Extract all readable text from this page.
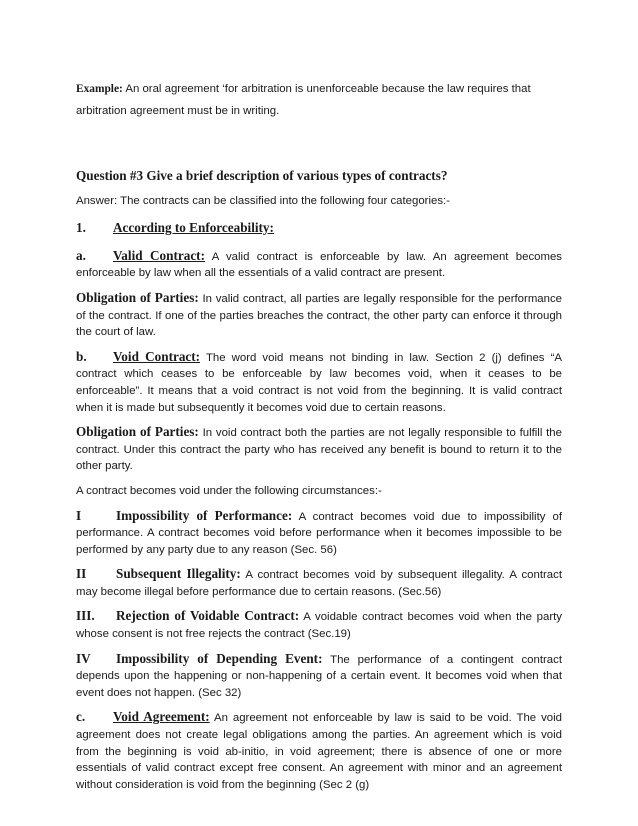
Example: An oral agreement ‘for arbitration is unenforceable because the law requires that arbitration agreement must be in writing.

Question #3 Give a brief description of various types of contracts?

Answer: The contracts can be classified into the following four categories:-

1. According to Enforceability:

a. Valid Contract: A valid contract is enforceable by law. An agreement becomes enforceable by law when all the essentials of a valid contract are present.

Obligation of Parties: In valid contract, all parties are legally responsible for the performance of the contract. If one of the parties breaches the contract, the other party can enforce it through the court of law.

b. Void Contract: The word void means not binding in law. Section 2 (j) defines “A contract which ceases to be enforceable by law becomes void, when it ceases to be enforceable”. It means that a void contract is not void from the beginning. It is valid contract when it is made but subsequently it becomes void due to certain reasons.

Obligation of Parties: In void contract both the parties are not legally responsible to fulfill the contract. Under this contract the party who has received any benefit is bound to return it to the other party.

A contract becomes void under the following circumstances:-

I	Impossibility of Performance: A contract becomes void due to impossibility of performance. A contract becomes void before performance when it becomes impossible to be performed by any party due to any reason (Sec. 56)

II Subsequent Illegality: A contract becomes void by subsequent illegality. A contract may become illegal before performance due to certain reasons. (Sec.56)

III. Rejection of Voidable Contract: A voidable contract becomes void when the party whose consent is not free rejects the contract (Sec.19)

IV Impossibility of Depending Event: The performance of a contingent contract depends upon the happening or non-happening of a certain event. It becomes void when that event does not happen. (Sec 32)

c. Void Agreement: An agreement not enforceable by law is said to be void. The void agreement does not create legal obligations among the parties. An agreement which is void from the beginning is void ab-initio, in void agreement; there is absence of one or more essentials of valid contract except free consent. An agreement with minor and an agreement without consideration is void from the beginning (Sec 2 (g)
